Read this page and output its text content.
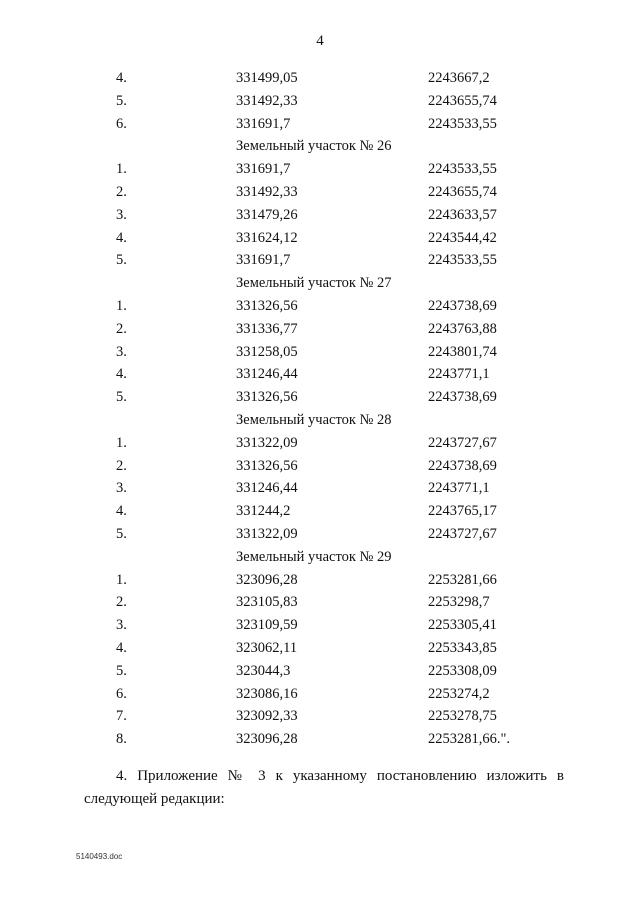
4
4.	331499,05	2243667,2
5.	331492,33	2243655,74
6.	331691,7	2243533,55
Земельный участок № 26
1.	331691,7	2243533,55
2.	331492,33	2243655,74
3.	331479,26	2243633,57
4.	331624,12	2243544,42
5.	331691,7	2243533,55
Земельный участок № 27
1.	331326,56	2243738,69
2.	331336,77	2243763,88
3.	331258,05	2243801,74
4.	331246,44	2243771,1
5.	331326,56	2243738,69
Земельный участок № 28
1.	331322,09	2243727,67
2.	331326,56	2243738,69
3.	331246,44	2243771,1
4.	331244,2	2243765,17
5.	331322,09	2243727,67
Земельный участок № 29
1.	323096,28	2253281,66
2.	323105,83	2253298,7
3.	323109,59	2253305,41
4.	323062,11	2253343,85
5.	323044,3	2253308,09
6.	323086,16	2253274,2
7.	323092,33	2253278,75
8.	323096,28	2253281,66.".
4. Приложение № 3 к указанному постановлению изложить в
следующей редакции:
5140493.doc
